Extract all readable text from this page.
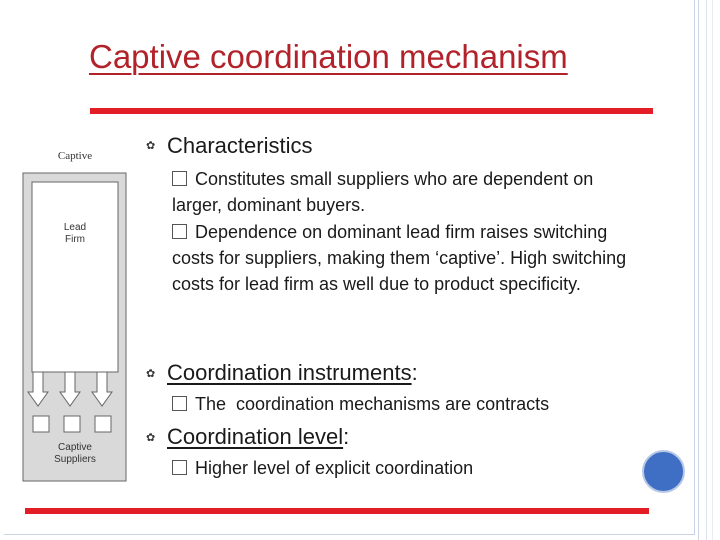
Captive coordination mechanism
Captive
Lead
Firm
Captive
Suppliers
✿ Characteristics
Constitutes small suppliers who are dependent on larger, dominant buyers.
Dependence on dominant lead firm raises switching costs for suppliers, making them ‘captive’. High switching costs for lead firm as well due to product specificity.
✿ Coordination instruments:
The  coordination mechanisms are contracts
✿ Coordination level:
Higher level of explicit coordination
